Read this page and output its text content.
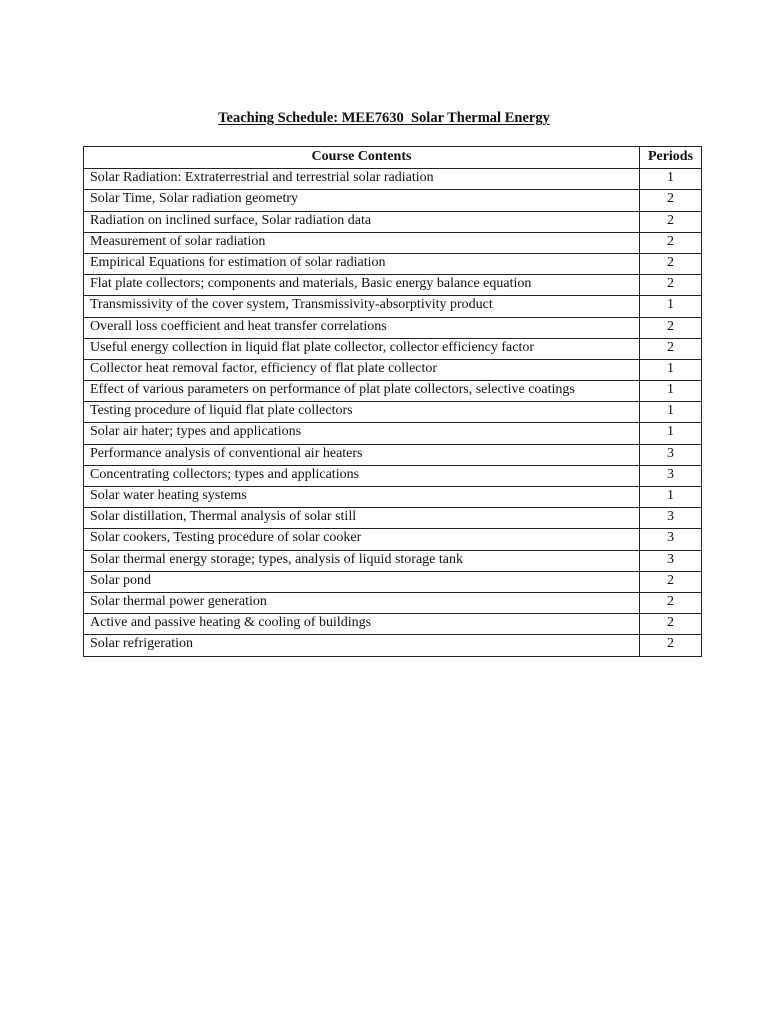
Teaching Schedule: MEE7630  Solar Thermal Energy
Course Contents	Periods
Solar Radiation: Extraterrestrial and terrestrial solar radiation	1
Solar Time, Solar radiation geometry	2
Radiation on inclined surface, Solar radiation data	2
Measurement of solar radiation	2
Empirical Equations for estimation of solar radiation	2
Flat plate collectors; components and materials, Basic energy balance equation	2
Transmissivity of the cover system, Transmissivity-absorptivity product	1
Overall loss coefficient and heat transfer correlations	2
Useful energy collection in liquid flat plate collector, collector efficiency factor	2
Collector heat removal factor, efficiency of flat plate collector	1
Effect of various parameters on performance of plat plate collectors, selective coatings	1
Testing procedure of liquid flat plate collectors	1
Solar air hater; types and applications	1
Performance analysis of conventional air heaters	3
Concentrating collectors; types and applications	3
Solar water heating systems	1
Solar distillation, Thermal analysis of solar still	3
Solar cookers, Testing procedure of solar cooker	3
Solar thermal energy storage; types, analysis of liquid storage tank	3
Solar pond	2
Solar thermal power generation	2
Active and passive heating & cooling of buildings	2
Solar refrigeration	2
